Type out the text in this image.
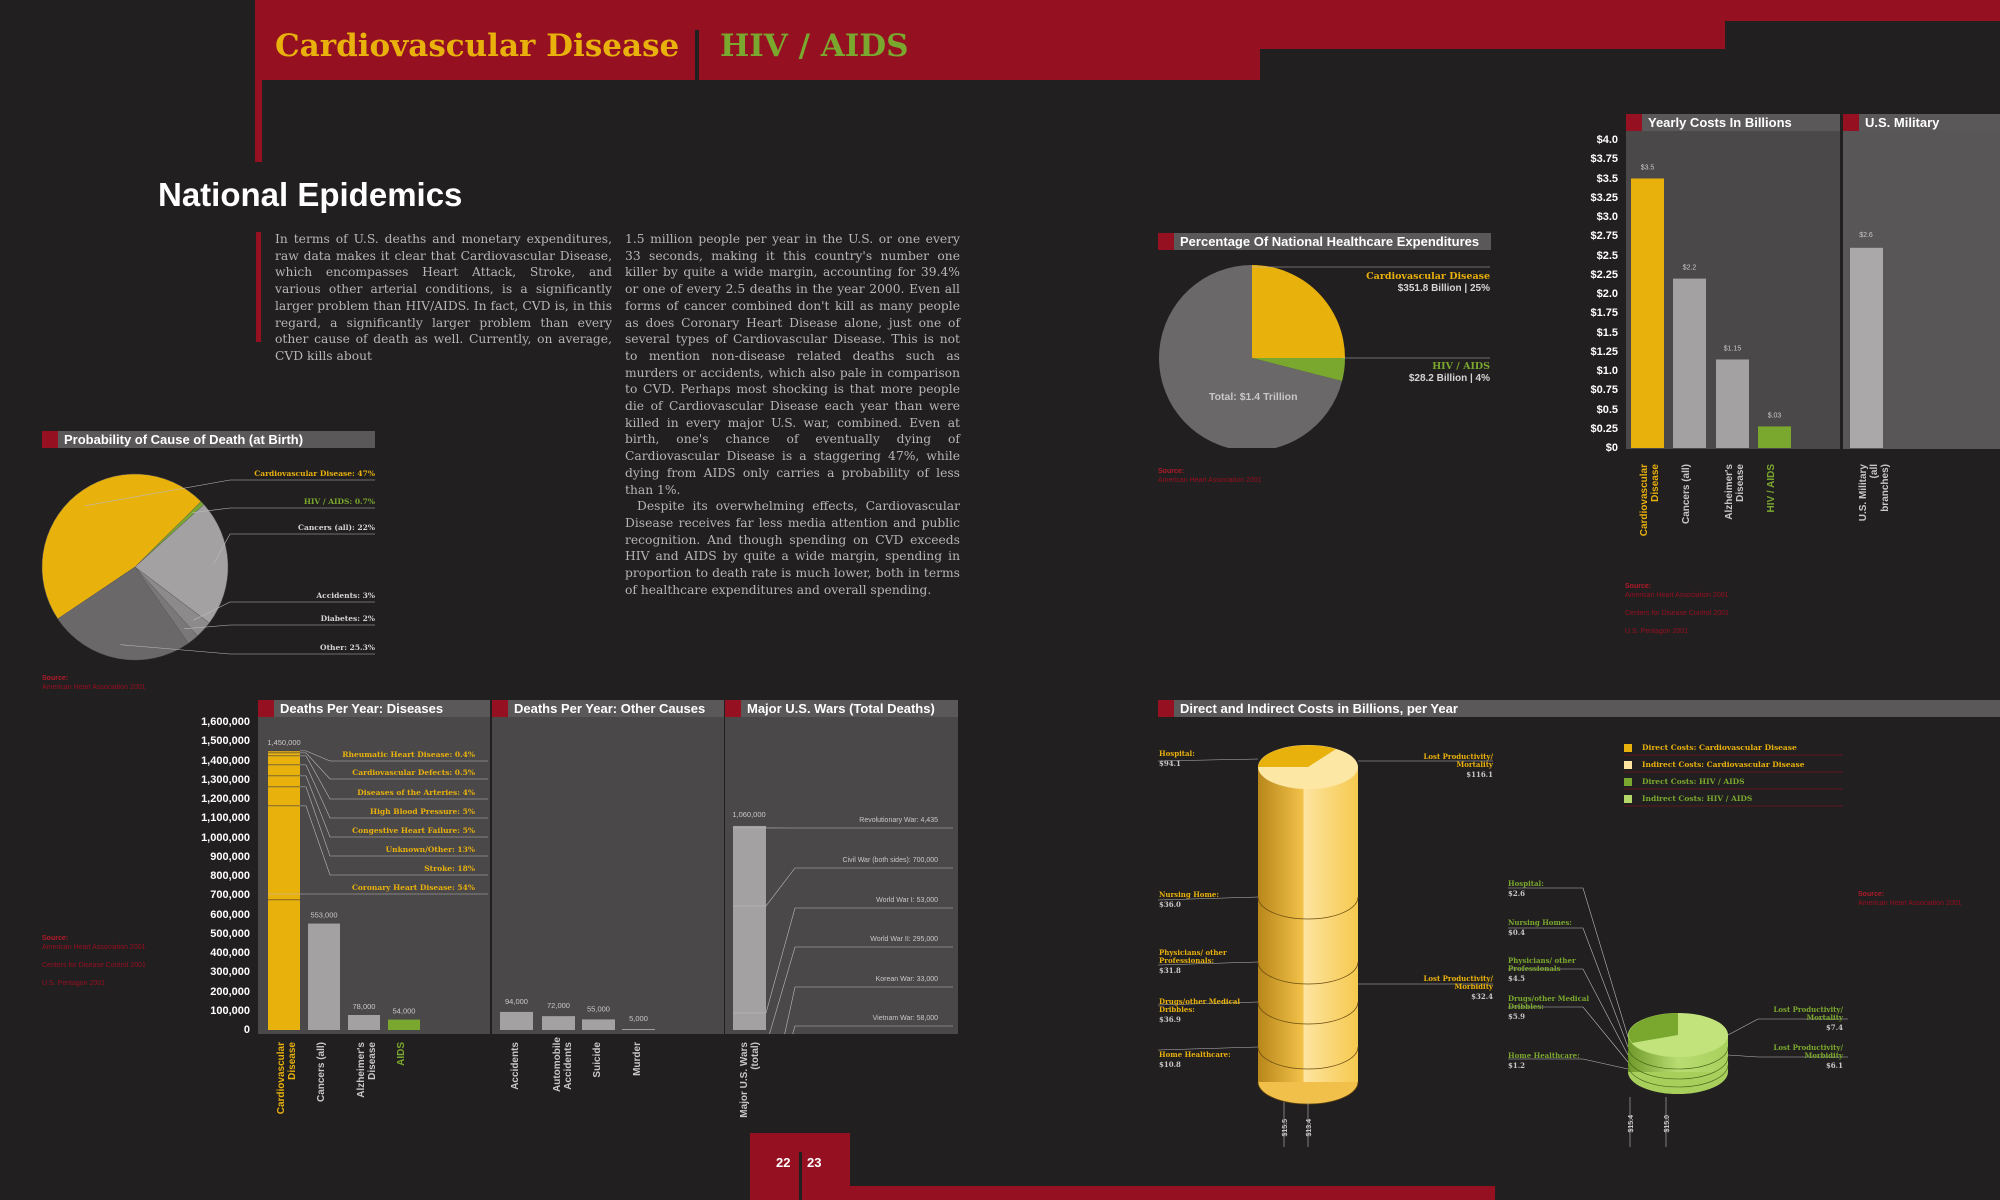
Cardiovascular Disease HIV / AIDS
National Epidemics
In terms of U.S. deaths and monetary expenditures, raw data makes it clear that Cardiovascular Disease, which encompasses Heart Attack, Stroke, and various other arterial conditions, is a significantly larger problem than HIV/AIDS. In fact, CVD is, in this regard, a significantly larger problem than every other cause of death as well. Currently, on average, CVD kills about
1.5 million people per year in the U.S. or one every 33 seconds, making it this country's number one killer by quite a wide margin, accounting for 39.4% or one of every 2.5 deaths in the year 2000. Even all forms of cancer combined don't kill as many people as does Coronary Heart Disease alone, just one of several types of Cardiovascular Disease. This is not to mention non-disease related deaths such as murders or accidents, which also pale in comparison to CVD. Perhaps most shocking is that more people die of Cardiovascular Disease each year than were killed in every major U.S. war, combined. Even at birth, one's chance of eventually dying of Cardiovascular Disease is a staggering 47%, while dying from AIDS only carries a probability of less than 1%.
Despite its overwhelming effects, Cardiovascular Disease receives far less media attention and public recognition. And though spending on CVD exceeds HIV and AIDS by quite a wide margin, spending in proportion to death rate is much lower, both in terms of healthcare expenditures and overall spending.
Probability of Cause of Death (at Birth)
Source:
American Heart Association 2001
Deaths Per Year: Diseases
1,450,000
553,000
78,000
54,000
Source:
American Heart Association 2001

Centers for Disease Control 2001

U.S. Pentagon 2001
Deaths Per Year: Other Causes
94,000	72,000 55,000
5,000
Major U.S. Wars (Total Deaths)
1,060,000
22 23
Percentage Of National Healthcare Expenditures
Total: $1.4 Trillion
Cardiovascular Disease
$351.8 Billion | 25%
HIV / AIDS
$28.2 Billion | 4%
Source:
American Heart Association 2001
Yearly Costs In Billions	U.S. Military
$3.5
$2.2
$1.15
$.03
$2.6
Source:
American Heart Association 2001

Centers for Disease Control 2001

U.S. Pentagon 2001
Direct and Indirect Costs in Billions, per Year
Source:
American Heart Association 2001
Cardiovascular Disease: 47%
HIV / AIDS: 0.7%
Cancers (all): 22%
Accidents: 3%
Diabetes: 2%
Other: 25.3%
1,600,000
1,500,000
1,400,000
1,300,000
1,200,000
1,100,000
1,000,000
900,000
800,000
700,000
600,000
500,000
400,000
300,000
200,000
100,000
0
Rheumatic Heart Disease: 0.4%
Cardiovascular Defects: 0.5%
Diseases of the Arteries: 4%
High Blood Pressure: 5%
Congestive Heart Failure: 5%
Unknown/Other: 13%
Stroke: 18%
Coronary Heart Disease: 54%
Cardiovascular Disease Cancers (all)	Alzheimer's Disease AIDS	Accidents	Automobile Accidents Suicide	Murder
Revolutionary War: 4,435
Civil War (both sides): 700,000
World War I: 53,000
World War II: 295,000
Korean War: 33,000
Vietnam War: 58,000
Major U.S. Wars (total)
$4.0
$3.75
$3.5
$3.25
$3.0
$2.75
$2.5
$2.25
$2.0
$1.75
$1.5
$1.25
$1.0
$0.75
$0.5
$0.25
$0
Cardiovascular Disease Cancers (all)	Alzheimer's Disease HIV / AIDS	U.S. Military (all branches)
Hospital:
$94.1
Nursing Home:
$36.0
Physicians/ other Professionals:
$31.8
Drugs/other Medical Dribbles:
$36.9
Home Healthcare:
$10.8
Lost Productivity/ Mortality
$116.1
Lost Productivity/ Morbidity
$32.4
$15.5 $13.4
Hospital:
$2.6
Nursing Homes:
$0.4
Physicians/ other Professionals
$4.5
Drugs/other Medical Dribbles:
$5.9
Home Healthcare:
$1.2
Lost Productivity/ Mortality
$7.4
Lost Productivity/ Morbidity
$6.1
$15.4	$15.0
Direct Costs: Cardiovascular Disease
Indirect Costs: Cardiovascular Disease
Direct Costs: HIV / AIDS
Indirect Costs: HIV / AIDS
